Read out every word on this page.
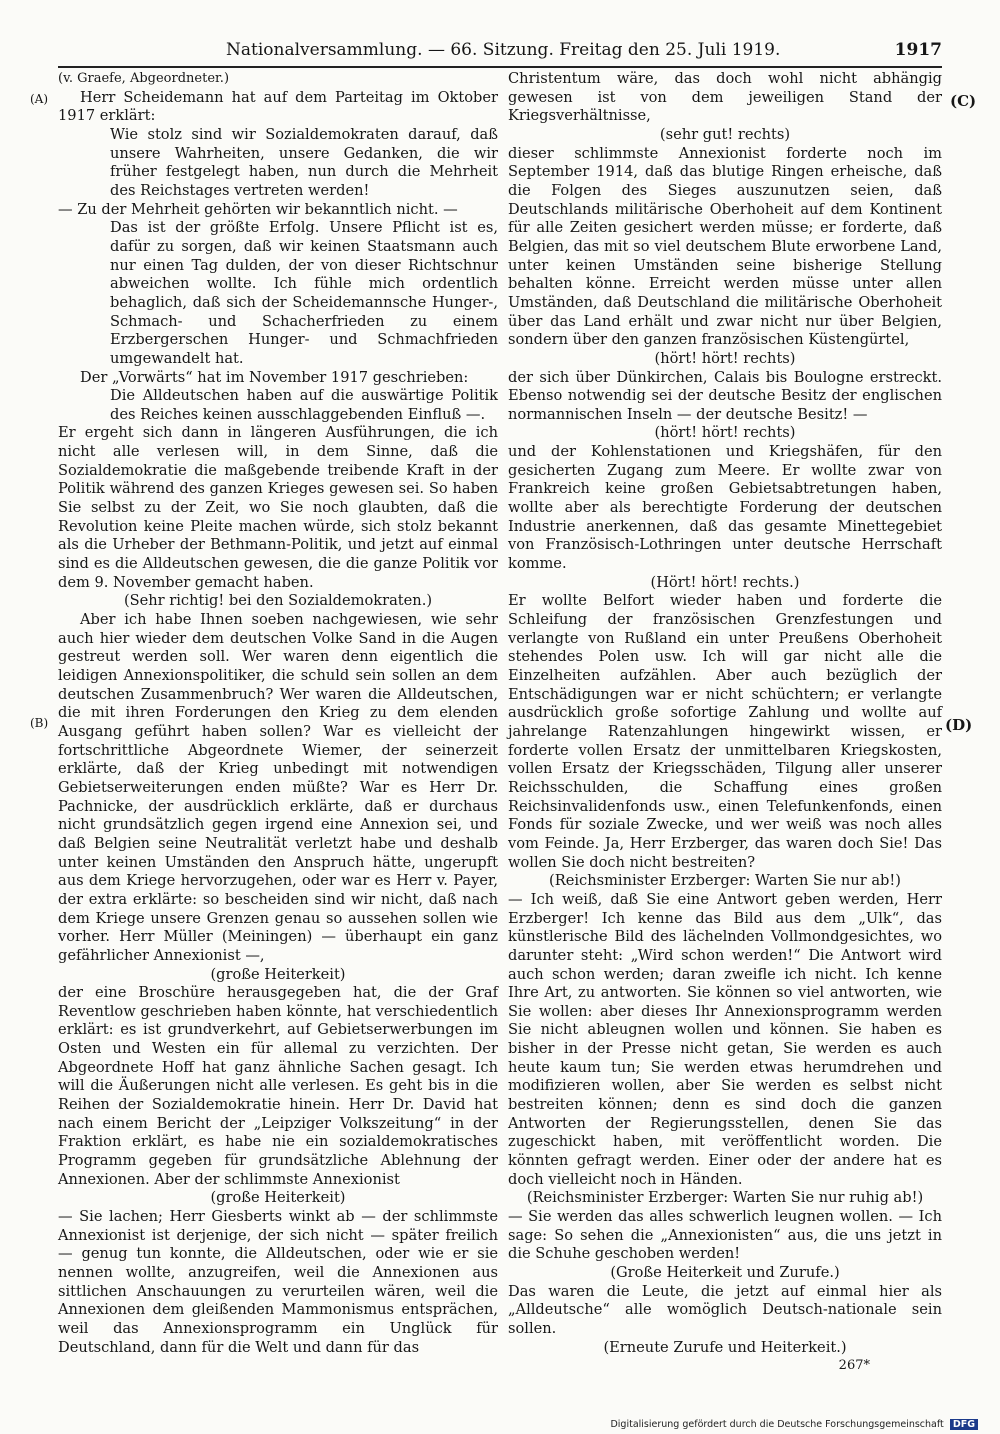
Nationalversammlung. — 66. Sitzung. Freitag den 25. Juli 1919.	1917
(A)
(B)
(C)
(D)

(v. Graefe, Abgeordneter.)

Herr Scheidemann hat auf dem Parteitag im Oktober 1917 erklärt:

Wie stolz sind wir Sozialdemokraten darauf, daß unsere Wahrheiten, unsere Gedanken, die wir früher festgelegt haben, nun durch die Mehrheit des Reichstages vertreten werden!

— Zu der Mehrheit gehörten wir bekanntlich nicht. —

Das ist der größte Erfolg. Unsere Pflicht ist es, dafür zu sorgen, daß wir keinen Staatsmann auch nur einen Tag dulden, der von dieser Richtschnur abweichen wollte. Ich fühle mich ordentlich behaglich, daß sich der Scheidemannsche Hunger-, Schmach- und Schacherfrieden zu einem Erzbergerschen Hunger- und Schmachfrieden umgewandelt hat.

Der „Vorwärts“ hat im November 1917 geschrieben:

Die Alldeutschen haben auf die auswärtige Politik des Reiches keinen ausschlaggebenden Einfluß —.

Er ergeht sich dann in längeren Ausführungen, die ich nicht alle verlesen will, in dem Sinne, daß die Sozialdemokratie die maßgebende treibende Kraft in der Politik während des ganzen Krieges gewesen sei. So haben Sie selbst zu der Zeit, wo Sie noch glaubten, daß die Revolution keine Pleite machen würde, sich stolz bekannt als die Urheber der Bethmann-Politik, und jetzt auf einmal sind es die Alldeutschen gewesen, die die ganze Politik vor dem 9. November gemacht haben.

(Sehr richtig! bei den Sozialdemokraten.)

Aber ich habe Ihnen soeben nachgewiesen, wie sehr auch hier wieder dem deutschen Volke Sand in die Augen gestreut werden soll. Wer waren denn eigentlich die leidigen Annexionspolitiker, die schuld sein sollen an dem deutschen Zusammenbruch? Wer waren die Alldeutschen, die mit ihren Forderungen den Krieg zu dem elenden Ausgang geführt haben sollen? War es vielleicht der fortschrittliche Abgeordnete Wiemer, der seinerzeit erklärte, daß der Krieg unbedingt mit notwendigen Gebietserweiterungen enden müßte? War es Herr Dr. Pachnicke, der ausdrücklich erklärte, daß er durchaus nicht grundsätzlich gegen irgend eine Annexion sei, und daß Belgien seine Neutralität verletzt habe und deshalb unter keinen Umständen den Anspruch hätte, ungerupft aus dem Kriege hervorzugehen, oder war es Herr v. Payer, der extra erklärte: so bescheiden sind wir nicht, daß nach dem Kriege unsere Grenzen genau so aussehen sollen wie vorher. Herr Müller (Meiningen) — überhaupt ein ganz gefährlicher Annexionist —,

(große Heiterkeit)

der eine Broschüre herausgegeben hat, die der Graf Reventlow geschrieben haben könnte, hat verschiedentlich erklärt: es ist grundverkehrt, auf Gebietserwerbungen im Osten und Westen ein für allemal zu verzichten. Der Abgeordnete Hoff hat ganz ähnliche Sachen gesagt. Ich will die Äußerungen nicht alle verlesen. Es geht bis in die Reihen der Sozialdemokratie hinein. Herr Dr. David hat nach einem Bericht der „Leipziger Volkszeitung“ in der Fraktion erklärt, es habe nie ein sozialdemokratisches Programm gegeben für grundsätzliche Ablehnung der Annexionen. Aber der schlimmste Annexionist

(große Heiterkeit)

— Sie lachen; Herr Giesberts winkt ab — der schlimmste Annexionist ist derjenige, der sich nicht — später freilich — genug tun konnte, die Alldeutschen, oder wie er sie nennen wollte, anzugreifen, weil die Annexionen aus sittlichen Anschauungen zu verurteilen wären, weil die Annexionen dem gleißenden Mammonismus entsprächen, weil das Annexionsprogramm ein Unglück für Deutschland, dann für die Welt und dann für das

Christentum wäre, das doch wohl nicht abhängig gewesen ist von dem jeweiligen Stand der Kriegsverhältnisse,

(sehr gut! rechts)

dieser schlimmste Annexionist forderte noch im September 1914, daß das blutige Ringen erheische, daß die Folgen des Sieges auszunutzen seien, daß Deutschlands militärische Oberhoheit auf dem Kontinent für alle Zeiten gesichert werden müsse; er forderte, daß Belgien, das mit so viel deutschem Blute erworbene Land, unter keinen Umständen seine bisherige Stellung behalten könne. Erreicht werden müsse unter allen Umständen, daß Deutschland die militärische Oberhoheit über das Land erhält und zwar nicht nur über Belgien, sondern über den ganzen französischen Küstengürtel,

(hört! hört! rechts)

der sich über Dünkirchen, Calais bis Boulogne erstreckt. Ebenso notwendig sei der deutsche Besitz der englischen normannischen Inseln — der deutsche Besitz! —

(hört! hört! rechts)

und der Kohlenstationen und Kriegshäfen, für den gesicherten Zugang zum Meere. Er wollte zwar von Frankreich keine großen Gebietsabtretungen haben, wollte aber als berechtigte Forderung der deutschen Industrie anerkennen, daß das gesamte Minettegebiet von Französisch-Lothringen unter deutsche Herrschaft komme.

(Hört! hört! rechts.)

Er wollte Belfort wieder haben und forderte die Schleifung der französischen Grenzfestungen und verlangte von Rußland ein unter Preußens Oberhoheit stehendes Polen usw. Ich will gar nicht alle die Einzelheiten aufzählen. Aber auch bezüglich der Entschädigungen war er nicht schüchtern; er verlangte ausdrücklich große sofortige Zahlung und wollte auf jahrelange Ratenzahlungen hingewirkt wissen, er forderte vollen Ersatz der unmittelbaren Kriegskosten, vollen Ersatz der Kriegsschäden, Tilgung aller unserer Reichsschulden, die Schaffung eines großen Reichsinvalidenfonds usw., einen Telefunkenfonds, einen Fonds für soziale Zwecke, und wer weiß was noch alles vom Feinde. Ja, Herr Erzberger, das waren doch Sie! Das wollen Sie doch nicht bestreiten?

(Reichsminister Erzberger: Warten Sie nur ab!)

— Ich weiß, daß Sie eine Antwort geben werden, Herr Erzberger! Ich kenne das Bild aus dem „Ulk“, das künstlerische Bild des lächelnden Vollmondgesichtes, wo darunter steht: „Wird schon werden!“ Die Antwort wird auch schon werden; daran zweifle ich nicht. Ich kenne Ihre Art, zu antworten. Sie können so viel antworten, wie Sie wollen: aber dieses Ihr Annexionsprogramm werden Sie nicht ableugnen wollen und können. Sie haben es bisher in der Presse nicht getan, Sie werden es auch heute kaum tun; Sie werden etwas herumdrehen und modifizieren wollen, aber Sie werden es selbst nicht bestreiten können; denn es sind doch die ganzen Antworten der Regierungsstellen, denen Sie das zugeschickt haben, mit veröffentlicht worden. Die könnten gefragt werden. Einer oder der andere hat es doch vielleicht noch in Händen.

(Reichsminister Erzberger: Warten Sie nur ruhig ab!)

— Sie werden das alles schwerlich leugnen wollen. — Ich sage: So sehen die „Annexionisten“ aus, die uns jetzt in die Schuhe geschoben werden!

(Große Heiterkeit und Zurufe.)

Das waren die Leute, die jetzt auf einmal hier als „Alldeutsche“ alle womöglich Deutsch-nationale sein sollen.

(Erneute Zurufe und Heiterkeit.)

267*

Digitalisierung gefördert durch die Deutsche Forschungsgemeinschaft DFG
